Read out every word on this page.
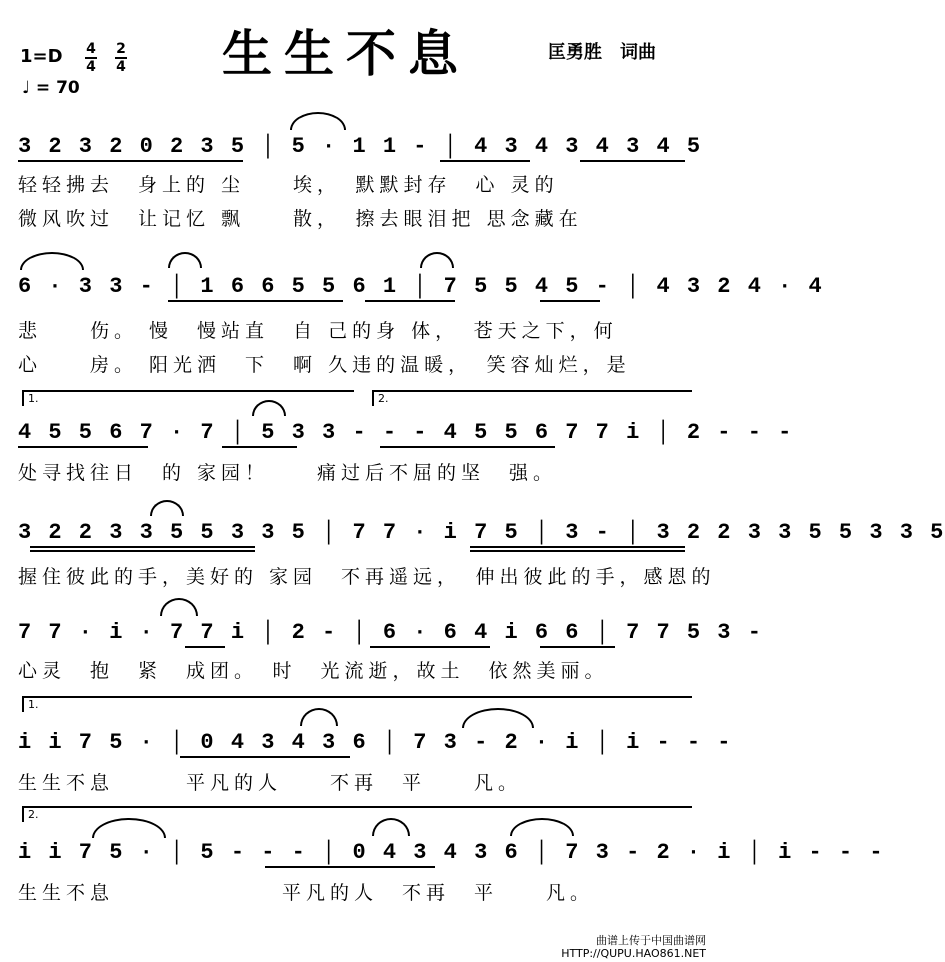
生生不息	匡勇胜　词曲
1=D 4
4
2
4
♩ = 70
3 2 3 2 0 2 3 5 │ 5 · 1 1 - │ 4 3 4 3 4 3 4 5
轻轻拂去　身上的 尘　　埃，　默默封存　心 灵的
微风吹过　让记忆 飘　　散，　擦去眼泪把 思念藏在
6 · 3 3 - │ 1 6 6 5 5 6 1 │ 7 5 5 4 5 - │ 4 3 2 4 · 4
悲　　伤。 慢　慢站直　自 己的身 体，　苍天之下，何
心　　房。 阳光洒　下　啊 久违的温暖，　笑容灿烂，是
1.	2.
4 5 5 6 7 · 7 │ 5 3 3 - - - 4 5 5 6 7 7 i │ 2 - - -
处寻找往日　的 家园！　　痛过后不屈的坚　强。
3 2 2 3 3 5 5 3 3 5 │ 7 7 · i 7 5 │ 3 - │ 3 2 2 3 3 5 5 3 3 5
握住彼此的手，美好的 家园　不再遥远，　伸出彼此的手，感恩的
7 7 · i · 7 7 i │ 2 - │ 6 · 6 4 i 6 6 │ 7 7 5 3 -
心灵　抱　紧　成团。　时　光流逝，故土　依然美丽。
1.
i i 7 5 · │ 0 4 3 4 3 6 │ 7 3 - 2 · i │ i - - -
生生不息　　　平凡的人　　不再　平　　凡。
2.
i i 7 5 · │ 5 - - - │ 0 4 3 4 3 6 │ 7 3 - 2 · i │ i - - -
生生不息　　　　　　　平凡的人　不再　平　　凡。
曲谱上传于中国曲谱网
HTTP://QUPU.HAO861.NET
